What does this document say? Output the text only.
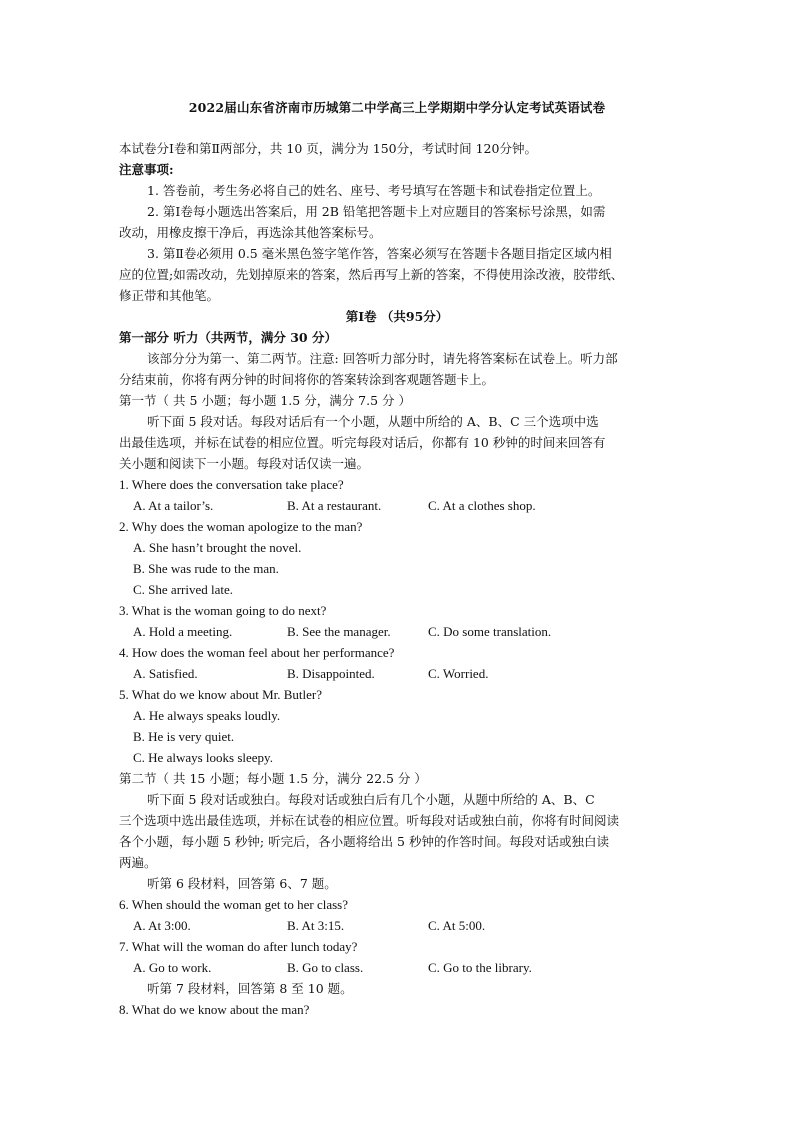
2022届山东省济南市历城第二中学高三上学期期中学分认定考试英语试卷
本试卷分Ⅰ卷和第Ⅱ两部分，共 10 页，满分为 150分，考试时间 120分钟。
注意事项:
1. 答卷前，考生务必将自己的姓名、座号、考号填写在答题卡和试卷指定位置上。
2. 第Ⅰ卷每小题选出答案后，用 2B 铅笔把答题卡上对应题目的答案标号涂黑，如需
改动，用橡皮擦干净后，再选涂其他答案标号。
3. 第Ⅱ卷必须用 0.5 毫米黑色签字笔作答，答案必须写在答题卡各题目指定区域内相
应的位置;如需改动，先划掉原来的答案，然后再写上新的答案，不得使用涂改液，胶带纸、
修正带和其他笔。
第Ⅰ卷 （共95分）
第一部分 听力（共两节，满分 30 分）
该部分分为第一、第二两节。注意: 回答听力部分时，请先将答案标在试卷上。听力部
分结束前，你将有两分钟的时间将你的答案转涂到客观题答题卡上。
第一节（ 共 5 小题；每小题 1.5 分，满分 7.5 分 ）
听下面 5 段对话。每段对话后有一个小题，从题中所给的 A、B、C 三个选项中选
出最佳选项，并标在试卷的相应位置。听完每段对话后，你都有 10 秒钟的时间来回答有
关小题和阅读下一小题。每段对话仅读一遍。
1. Where does the conversation take place?
A. At a tailor’s.	B. At a restaurant.	C. At a clothes shop.
2. Why does the woman apologize to the man?
A. She hasn’t brought the novel.
B. She was rude to the man.
C. She arrived late.
3. What is the woman going to do next?
A. Hold a meeting.	B. See the manager.	C. Do some translation.
4. How does the woman feel about her performance?
A. Satisfied.	B. Disappointed.	C. Worried.
5. What do we know about Mr. Butler?
A. He always speaks loudly.
B. He is very quiet.
C. He always looks sleepy.
第二节（ 共 15 小题；每小题 1.5 分，满分 22.5 分 ）
听下面 5 段对话或独白。每段对话或独白后有几个小题，从题中所给的 A、B、C
三个选项中选出最佳选项，并标在试卷的相应位置。听每段对话或独白前，你将有时间阅读
各个小题，每小题 5 秒钟; 听完后，各小题将给出 5 秒钟的作答时间。每段对话或独白读
两遍。
听第 6 段材料，回答第 6、7 题。
6. When should the woman get to her class?
A. At 3:00.	B. At 3:15.	C. At 5:00.
7. What will the woman do after lunch today?
A. Go to work.	B. Go to class.	C. Go to the library.
听第 7 段材料，回答第 8 至 10 题。
8. What do we know about the man?
